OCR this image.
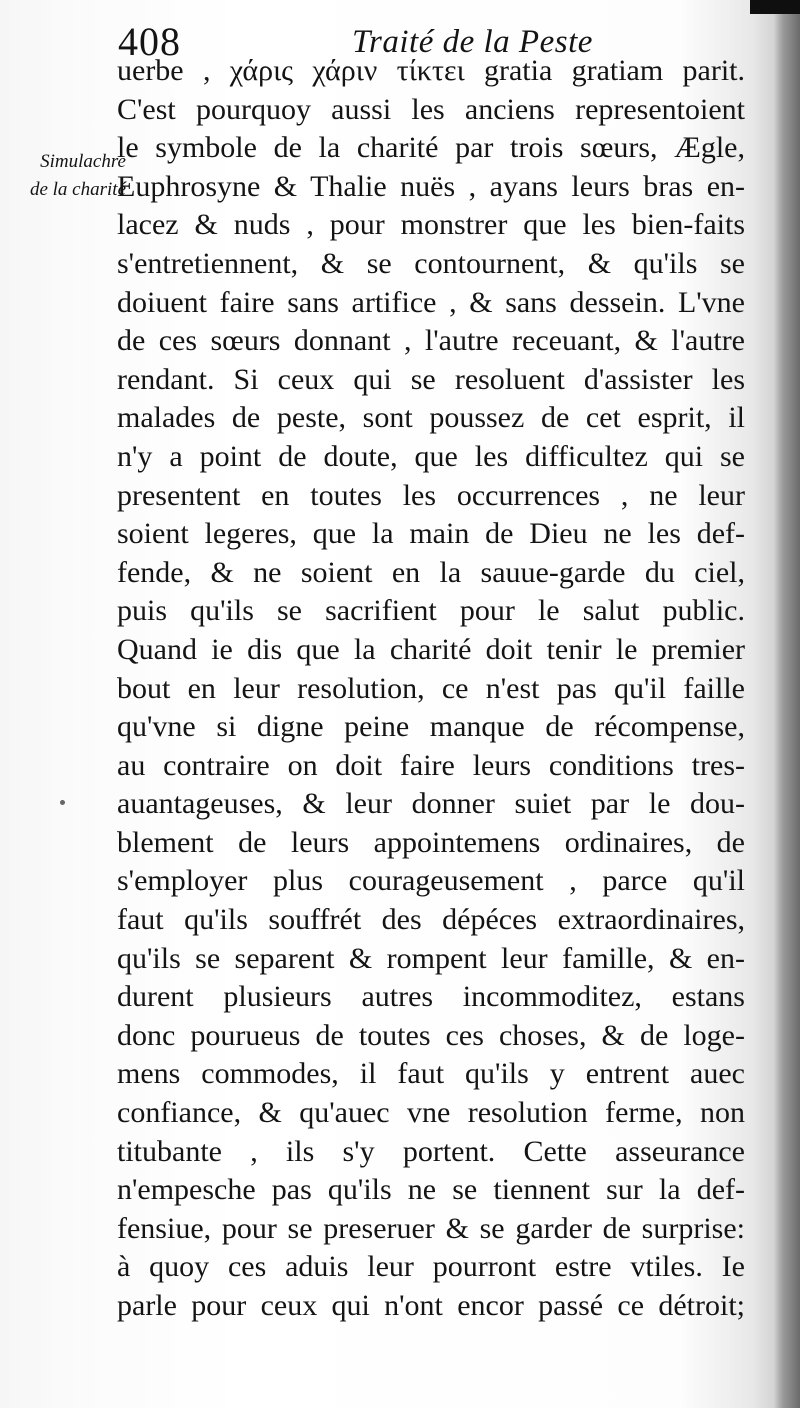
408	Traité de la Peste
Simulachre
de la charité
uerbe , χάρις χάριν τίκτει gratia gratiam parit.
C'est pourquoy aussi les anciens representoient
le symbole de la charité par trois sœurs, Ægle,
Euphrosyne & Thalie nuës , ayans leurs bras en-
lacez & nuds , pour monstrer que les bien-faits
s'entretiennent, & se contournent, & qu'ils se
doiuent faire sans artifice , & sans dessein. L'vne
de ces sœurs donnant , l'autre receuant, & l'autre
rendant. Si ceux qui se resoluent d'assister les
malades de peste, sont poussez de cet esprit, il
n'y a point de doute, que les difficultez qui se
presentent en toutes les occurrences , ne leur
soient legeres, que la main de Dieu ne les def-
fende, & ne soient en la sauue-garde du ciel,
puis qu'ils se sacrifient pour le salut public.
Quand ie dis que la charité doit tenir le premier
bout en leur resolution, ce n'est pas qu'il faille
qu'vne si digne peine manque de récompense,
au contraire on doit faire leurs conditions tres-
auantageuses, & leur donner suiet par le dou-
blement de leurs appointemens ordinaires, de
s'employer plus courageusement , parce qu'il
faut qu'ils souffrét des dépéces extraordinaires,
qu'ils se separent & rompent leur famille, & en-
durent plusieurs autres incommoditez, estans
donc pourueus de toutes ces choses, & de loge-
mens commodes, il faut qu'ils y entrent auec
confiance, & qu'auec vne resolution ferme, non
titubante , ils s'y portent. Cette asseurance
n'empesche pas qu'ils ne se tiennent sur la def-
fensiue, pour se preseruer & se garder de surprise:
à quoy ces aduis leur pourront estre vtiles. Ie
parle pour ceux qui n'ont encor passé ce détroit;
